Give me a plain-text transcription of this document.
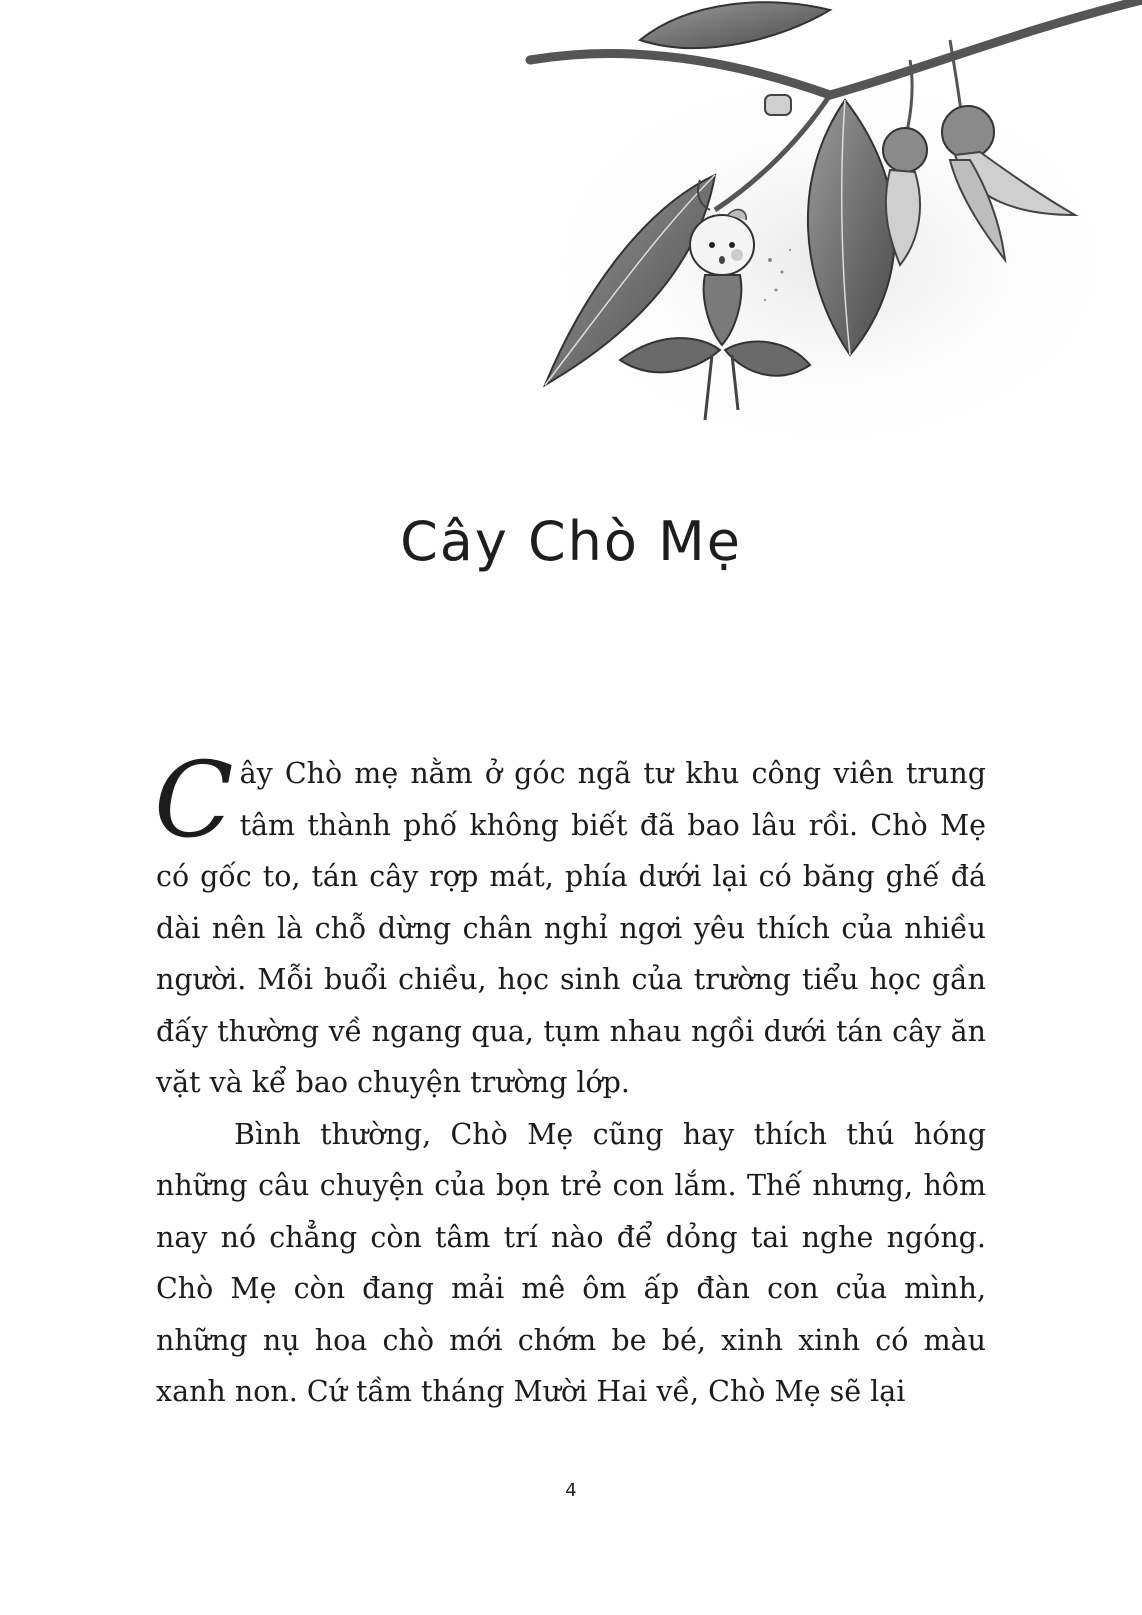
Cây Chò Mẹ

Cây Chò mẹ nằm ở góc ngã tư khu công viên trung tâm thành phố không biết đã bao lâu rồi. Chò Mẹ có gốc to, tán cây rợp mát, phía dưới lại có băng ghế đá dài nên là chỗ dừng chân nghỉ ngơi yêu thích của nhiều người. Mỗi buổi chiều, học sinh của trường tiểu học gần đấy thường về ngang qua, tụm nhau ngồi dưới tán cây ăn vặt và kể bao chuyện trường lớp.

Bình thường, Chò Mẹ cũng hay thích thú hóng những câu chuyện của bọn trẻ con lắm. Thế nhưng, hôm nay nó chẳng còn tâm trí nào để dỏng tai nghe ngóng. Chò Mẹ còn đang mải mê ôm ấp đàn con của mình, những nụ hoa chò mới chớm be bé, xinh xinh có màu xanh non. Cứ tầm tháng Mười Hai về, Chò Mẹ sẽ lại

4
